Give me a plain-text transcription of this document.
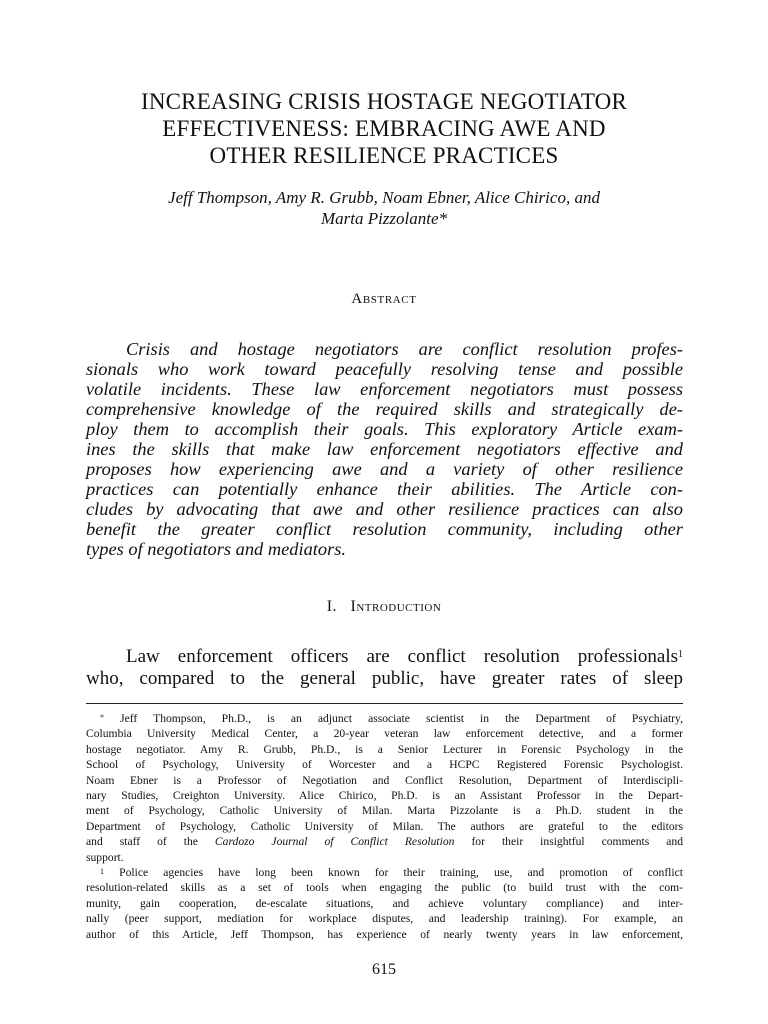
INCREASING CRISIS HOSTAGE NEGOTIATOR
EFFECTIVENESS: EMBRACING AWE AND
OTHER RESILIENCE PRACTICES
Jeff Thompson, Amy R. Grubb, Noam Ebner, Alice Chirico, and
Marta Pizzolante*
Abstract
Crisis and hostage negotiators are conflict resolution profes-
sionals who work toward peacefully resolving tense and possible
volatile incidents. These law enforcement negotiators must possess
comprehensive knowledge of the required skills and strategically de-
ploy them to accomplish their goals. This exploratory Article exam-
ines the skills that make law enforcement negotiators effective and
proposes how experiencing awe and a variety of other resilience
practices can potentially enhance their abilities. The Article con-
cludes by advocating that awe and other resilience practices can also
benefit the greater conflict resolution community, including other
types of negotiators and mediators.
I. Introduction
Law enforcement officers are conflict resolution professionals$^1$
who, compared to the general public, have greater rates of sleep
* Jeff Thompson, Ph.D., is an adjunct associate scientist in the Department of Psychiatry,
Columbia University Medical Center, a 20-year veteran law enforcement detective, and a former
hostage negotiator. Amy R. Grubb, Ph.D., is a Senior Lecturer in Forensic Psychology in the
School of Psychology, University of Worcester and a HCPC Registered Forensic Psychologist.
Noam Ebner is a Professor of Negotiation and Conflict Resolution, Department of Interdiscipli-
nary Studies, Creighton University. Alice Chirico, Ph.D. is an Assistant Professor in the Depart-
ment of Psychology, Catholic University of Milan. Marta Pizzolante is a Ph.D. student in the
Department of Psychology, Catholic University of Milan. The authors are grateful to the editors
and staff of the Cardozo Journal of Conflict Resolution for their insightful comments and
support.
$^1$ Police agencies have long been known for their training, use, and promotion of conflict
resolution-related skills as a set of tools when engaging the public (to build trust with the com-
munity, gain cooperation, de-escalate situations, and achieve voluntary compliance) and inter-
nally (peer support, mediation for workplace disputes, and leadership training). For example, an
author of this Article, Jeff Thompson, has experience of nearly twenty years in law enforcement,
615
